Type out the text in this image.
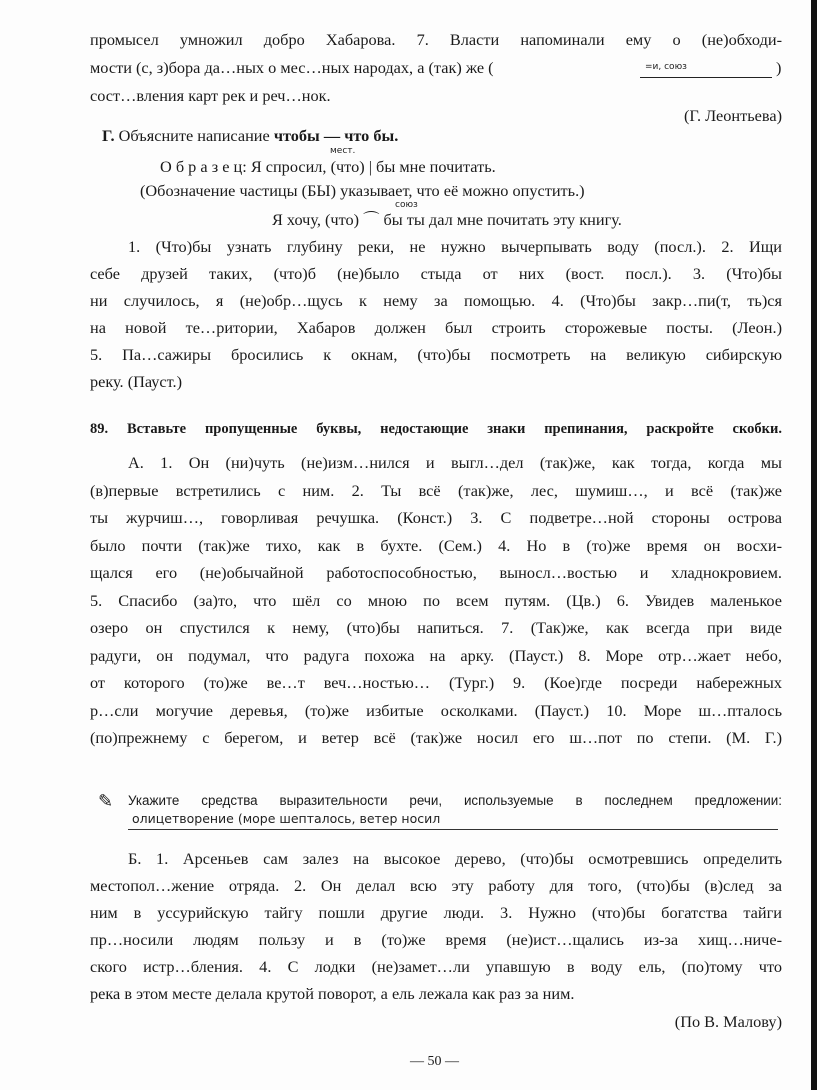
промысел умножил добро Хабарова. 7. Власти напоминали ему о (не)обходи-
мости (с, з)бора да…ных о мес…ных народах, а (так) же (	=и, союз	)
сост…вления карт рек и реч…нок.
(Г. Леонтьева)
Г. Объясните написание чтобы — что бы.
мест.
О б р а з е ц: Я спросил, (что) | бы мне почитать.
(Обозначение частицы (БЫ) указывает, что её можно опустить.)
союз
Я хочу, (что) ⌒ бы ты дал мне почитать эту книгу.
1. (Что)бы узнать глубину реки, не нужно вычерпывать воду (посл.). 2. Ищи
себе друзей таких, (что)б (не)было стыда от них (вост. посл.). 3. (Что)бы
ни случилось, я (не)обр…щусь к нему за помощью. 4. (Что)бы закр…пи(т, ть)ся
на новой те…ритории, Хабаров должен был строить сторожевые посты. (Леон.)
5. Па…сажиры бросились к окнам, (что)бы посмотреть на великую сибирскую
реку. (Пауст.)
89. Вставьте пропущенные буквы, недостающие знаки препинания, раскройте скобки.
А. 1. Он (ни)чуть (не)изм…нился и выгл…дел (так)же, как тогда, когда мы
(в)первые встретились с ним. 2. Ты всё (так)же, лес, шумиш…, и всё (так)же
ты журчиш…, говорливая речушка. (Конст.) 3. С подветре…ной стороны острова
было почти (так)же тихо, как в бухте. (Сем.) 4. Но в (то)же время он восхи-
щался его (не)обычайной работоспособностью, выносл…востью и хладнокровием.
5. Спасибо (за)то, что шёл со мною по всем путям. (Цв.) 6. Увидев маленькое
озеро он спустился к нему, (что)бы напиться. 7. (Так)же, как всегда при виде
радуги, он подумал, что радуга похожа на арку. (Пауст.) 8. Море отр…жает небо,
от которого (то)же ве…т веч…ностью… (Тург.) 9. (Кое)где посреди набережных
р…сли могучие деревья, (то)же избитые осколками. (Пауст.) 10. Море ш…пталось
(по)прежнему с берегом, и ветер всё (так)же носил его ш…пот по степи. (М. Г.)
✎ Укажите средства выразительности речи, используемые в последнем предложении:
олицетворение (море шепталось, ветер носил
Б. 1. Арсеньев сам залез на высокое дерево, (что)бы осмотревшись определить
местопол…жение отряда. 2. Он делал всю эту работу для того, (что)бы (в)след за
ним в уссурийскую тайгу пошли другие люди. 3. Нужно (что)бы богатства тайги
пр…носили людям пользу и в (то)же время (не)ист…щались из-за хищ…ниче-
ского истр…бления. 4. С лодки (не)замет…ли упавшую в воду ель, (по)тому что
река в этом месте делала крутой поворот, а ель лежала как раз за ним.
(По В. Малову)
— 50 —
